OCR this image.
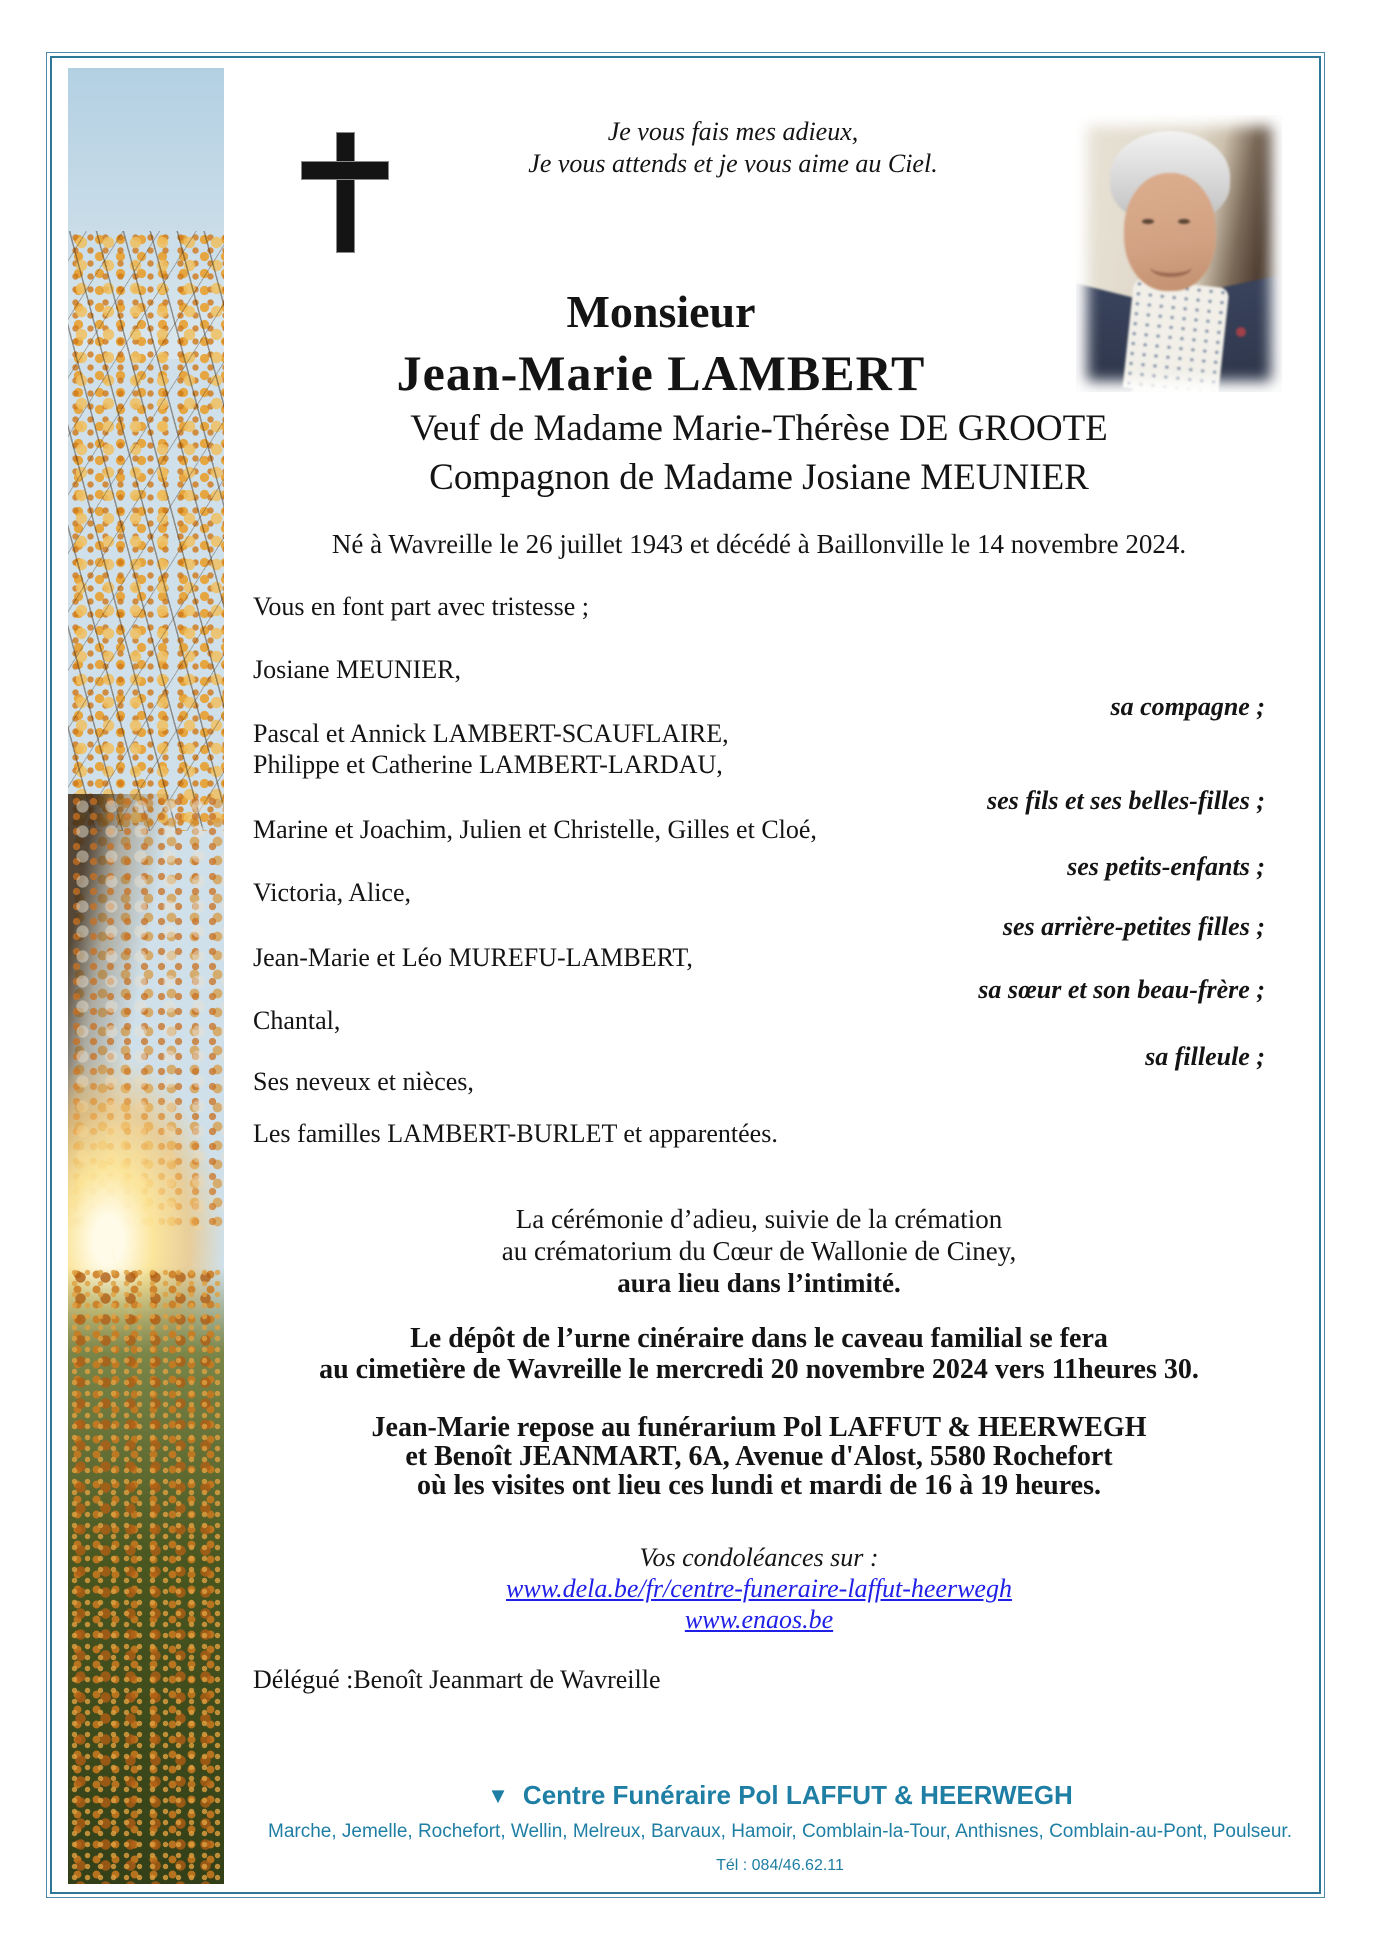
Je vous fais mes adieux,
Je vous attends et je vous aime au Ciel.
Monsieur
Jean-Marie LAMBERT
Veuf de Madame Marie-Thérèse DE GROOTE
Compagnon de Madame Josiane MEUNIER
Né à Wavreille le 26 juillet 1943 et décédé à Baillonville le 14 novembre 2024.
Vous en font part avec tristesse ;
Josiane MEUNIER,
sa compagne ;
Pascal et Annick LAMBERT-SCAUFLAIRE,
Philippe et Catherine LAMBERT-LARDAU,
ses fils et ses belles-filles ;
Marine et Joachim, Julien et Christelle, Gilles et Cloé,
ses petits-enfants ;
Victoria, Alice,
ses arrière-petites filles ;
Jean-Marie et Léo MUREFU-LAMBERT,
sa sœur et son beau-frère ;
Chantal,
sa filleule ;
Ses neveux et nièces,
Les familles LAMBERT-BURLET et apparentées.
La cérémonie d’adieu, suivie de la crémation
au crématorium du Cœur de Wallonie de Ciney,
aura lieu dans l’intimité.
Le dépôt de l’urne cinéraire dans le caveau familial se fera
au cimetière de Wavreille le mercredi 20 novembre 2024 vers 11heures 30.
Jean-Marie repose au funérarium Pol LAFFUT & HEERWEGH
et Benoît JEANMART, 6A, Avenue d'Alost, 5580 Rochefort
où les visites ont lieu ces lundi et mardi de 16 à 19 heures.
Vos condoléances sur :
www.dela.be/fr/centre-funeraire-laffut-heerwegh
www.enaos.be
Délégué :Benoît Jeanmart de Wavreille
▼ Centre Funéraire Pol LAFFUT & HEERWEGH
Marche, Jemelle, Rochefort, Wellin, Melreux, Barvaux, Hamoir, Comblain-la-Tour, Anthisnes, Comblain-au-Pont, Poulseur.
Tél : 084/46.62.11
